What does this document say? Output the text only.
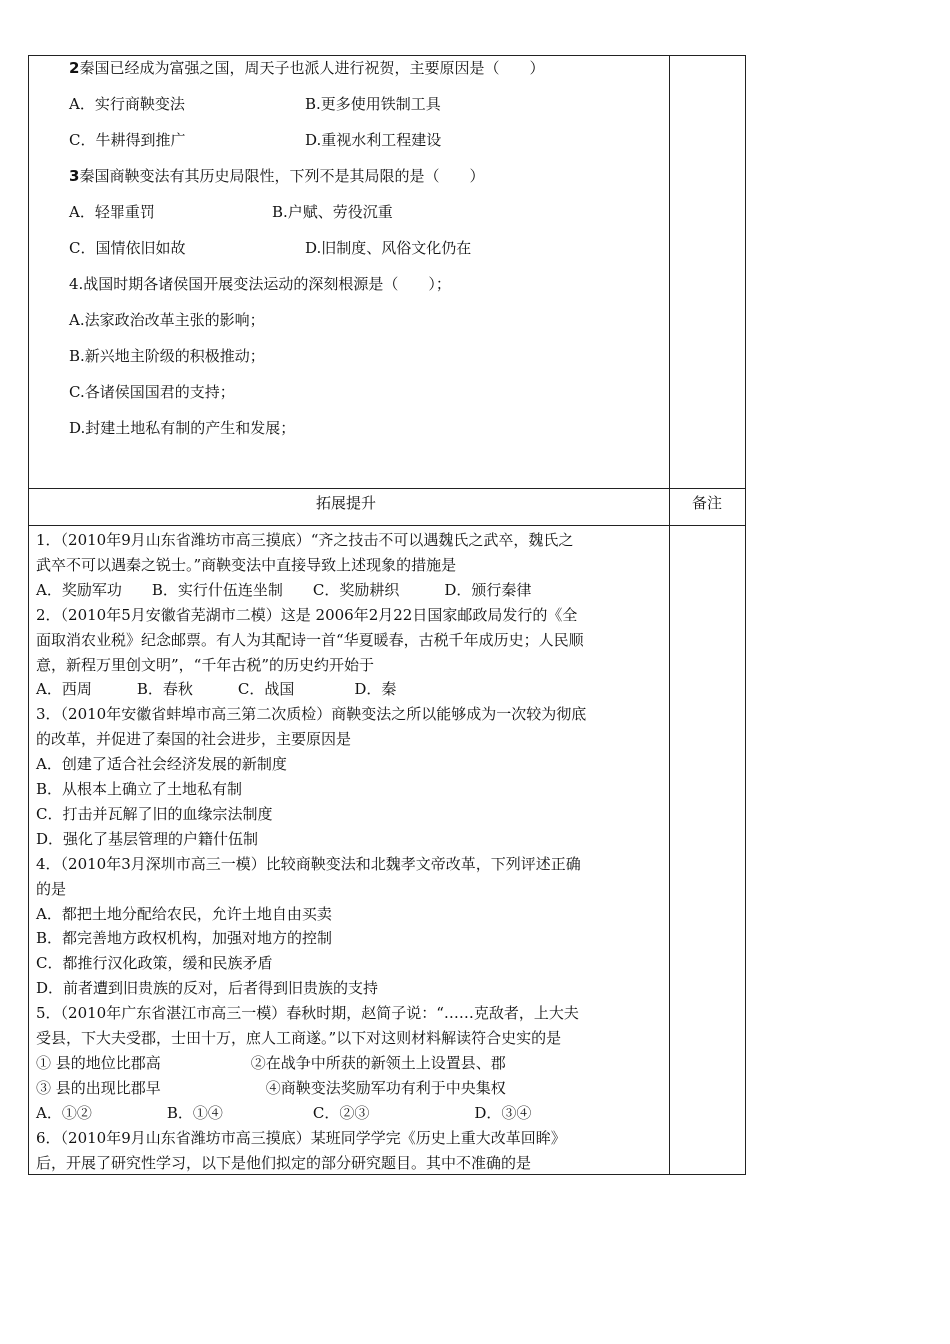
2秦国已经成为富强之国，周天子也派人进行祝贺，主要原因是（　　）
A．实行商鞅变法	B.更多使用铁制工具
C．牛耕得到推广	D.重视水利工程建设
3秦国商鞅变法有其历史局限性，下列不是其局限的是（　　）
A．轻罪重罚	B.户赋、劳役沉重
C．国情依旧如故	D.旧制度、风俗文化仍在
4.战国时期各诸侯国开展变法运动的深刻根源是（　　）；
A.法家政治改革主张的影响；
B.新兴地主阶级的积极推动；
C.各诸侯国国君的支持；
D.封建土地私有制的产生和发展；
拓展提升	备注
1．（2010年9月山东省潍坊市高三摸底）“齐之技击不可以遇魏氏之武卒，魏氏之
武卒不可以遇秦之锐士。”商鞅变法中直接导致上述现象的措施是
A．奖励军功　　B．实行什伍连坐制　　C．奖励耕织　　　D．颁行秦律
2．（2010年5月安徽省芜湖市二模）这是 2006年2月22日国家邮政局发行的《全
面取消农业税》纪念邮票。有人为其配诗一首“华夏暖春，古税千年成历史；人民顺
意，新程万里创文明”，“千年古税”的历史约开始于
A．西周　　　B．春秋　　　C．战国　　　　D．秦
3．（2010年安徽省蚌埠市高三第二次质检）商鞅变法之所以能够成为一次较为彻底
的改革，并促进了秦国的社会进步，主要原因是
A．创建了适合社会经济发展的新制度
B．从根本上确立了土地私有制
C．打击并瓦解了旧的血缘宗法制度
D．强化了基层管理的户籍什伍制
4．（2010年3月深圳市高三一模）比较商鞅变法和北魏孝文帝改革，下列评述正确
的是
A．都把土地分配给农民，允许土地自由买卖
B．都完善地方政权机构，加强对地方的控制
C．都推行汉化政策，缓和民族矛盾
D．前者遭到旧贵族的反对，后者得到旧贵族的支持
5．（2010年广东省湛江市高三一模）春秋时期，赵简子说：“……克敌者，上大夫
受县，下大夫受郡，士田十万，庶人工商遂。”以下对这则材料解读符合史实的是
① 县的地位比郡高　　　　　　②在战争中所获的新领土上设置县、郡
③ 县的出现比郡早　　　　　　　④商鞅变法奖励军功有利于中央集权
A．①②　　　　　B．①④　　　　　　C．②③　　　　　　　D．③④
6．（2010年9月山东省潍坊市高三摸底）某班同学学完《历史上重大改革回眸》
后，开展了研究性学习，以下是他们拟定的部分研究题目。其中不准确的是
